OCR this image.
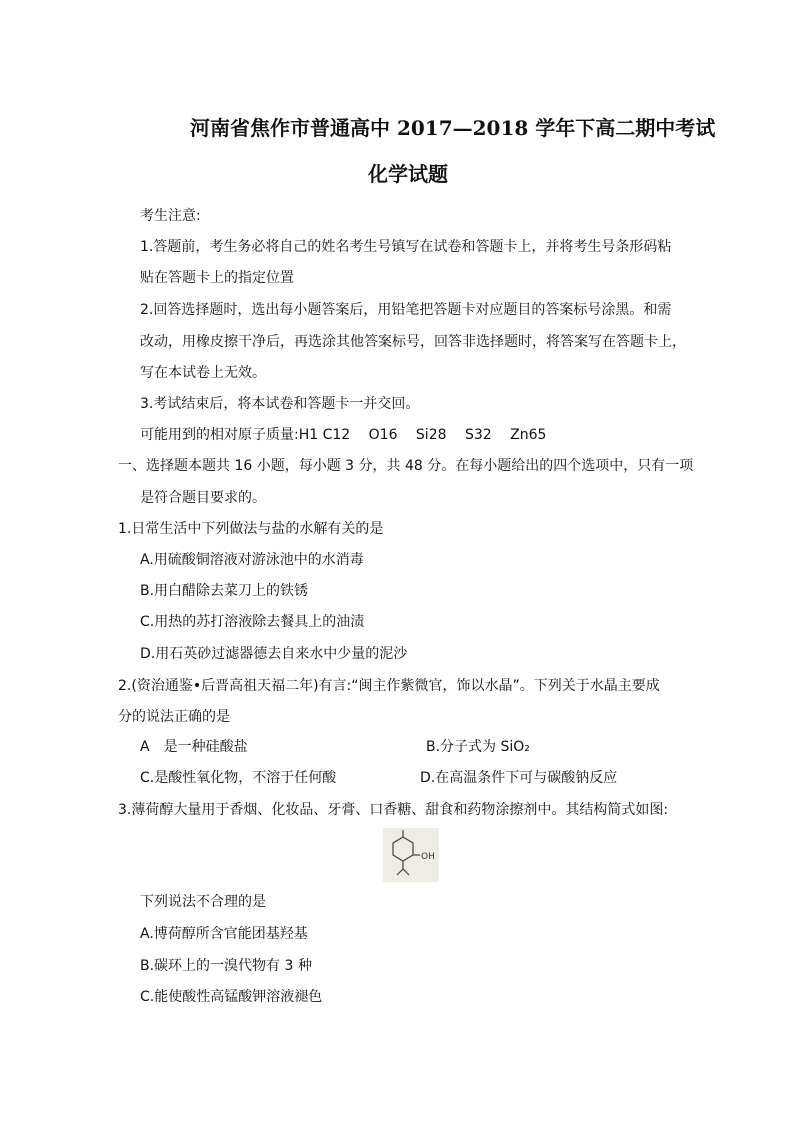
河南省焦作市普通高中 2017—2018 学年下高二期中考试
化学试题
考生注意:
1.答题前，考生务必将自己的姓名考生号镇写在试卷和答题卡上，并将考生号条形码粘
贴在答题卡上的指定位置
2.回答选择题时，选出每小题答案后，用铅笔把答题卡对应题目的答案标号涂黑。和需
改动，用橡皮擦干净后，再选涂其他答案标号，回答非选择题时，将答案写在答题卡上，
写在本试卷上无效。
3.考试结束后，将本试卷和答题卡一并交回。
可能用到的相对原子质量:H1 C12　 O16 　Si28 　S32 　Zn65
一、选择题本题共 16 小题，每小题 3 分，共 48 分。在每小题给出的四个选项中，只有一项
是符合题目要求的。
1.日常生活中下列做法与盐的水解有关的是
A.用硫酸铜溶液对游泳池中的水消毒
B.用白醋除去菜刀上的铁锈
C.用热的苏打溶液除去餐具上的油渍
D.用石英砂过滤器德去自来水中少量的泥沙
2.(资治通鉴•后晋高祖天福二年)有言:“闽主作紫微官，饰以水晶”。下列关于水晶主要成
分的说法正确的是
A　是一种硅酸盐	B.分子式为 SiO₂
C.是酸性氧化物，不溶于任何酸	D.在高温条件下可与碳酸钠反应
3.薄荷醇大量用于香烟、化妆品、牙膏、口香糖、甜食和药物涂擦剂中。其结构简式如图:
OH
下列说法不合理的是
A.博荷醇所含官能团基羟基
B.碳环上的一溴代物有 3 种
C.能使酸性高锰酸钾溶液褪色
